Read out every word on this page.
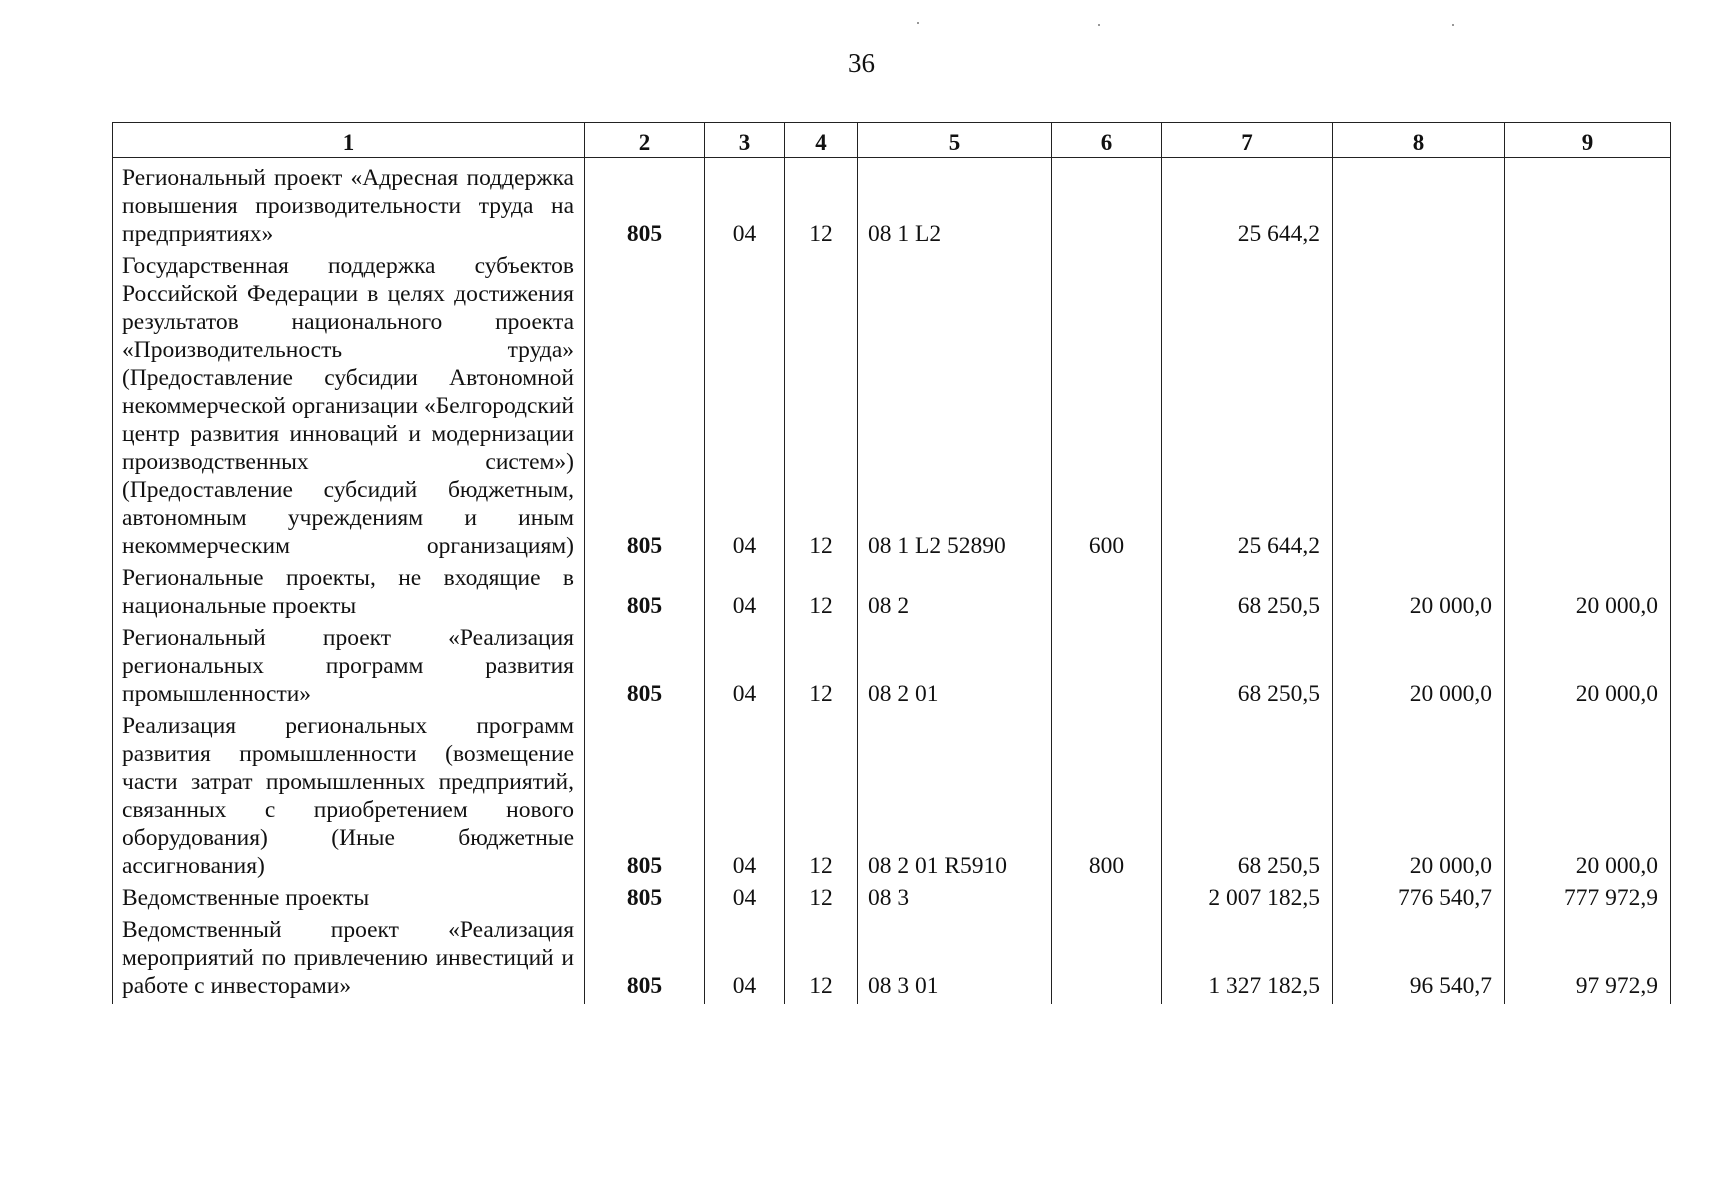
36
1	2	3	4	5	6	7	8	9
Региональный проект «Адресная поддержка повышения производительности труда на предприятиях»	805	04	12	08 1 L2		25 644,2		
Государственная поддержка субъектов Российской Федерации в целях достижения результатов национального проекта «Производительность труда» (Предоставление субсидии Автономной некоммерческой организации «Белгородский центр развития инноваций и модернизации производственных систем») (Предоставление субсидий бюджетным, автономным учреждениям и иным некоммерческим организациям)	805	04	12	08 1 L2 52890	600	25 644,2		
Региональные проекты, не входящие в национальные проекты	805	04	12	08 2		68 250,5	20 000,0	20 000,0
Региональный проект «Реализация региональных программ развития промышленности»	805	04	12	08 2 01		68 250,5	20 000,0	20 000,0
Реализация региональных программ развития промышленности (возмещение части затрат промышленных предприятий, связанных с приобретением нового оборудования) (Иные бюджетные ассигнования)	805	04	12	08 2 01 R5910	800	68 250,5	20 000,0	20 000,0
Ведомственные проекты	805	04	12	08 3		2 007 182,5	776 540,7	777 972,9
Ведомственный проект «Реализация мероприятий по привлечению инвестиций и работе с инвесторами»	805	04	12	08 3 01		1 327 182,5	96 540,7	97 972,9
